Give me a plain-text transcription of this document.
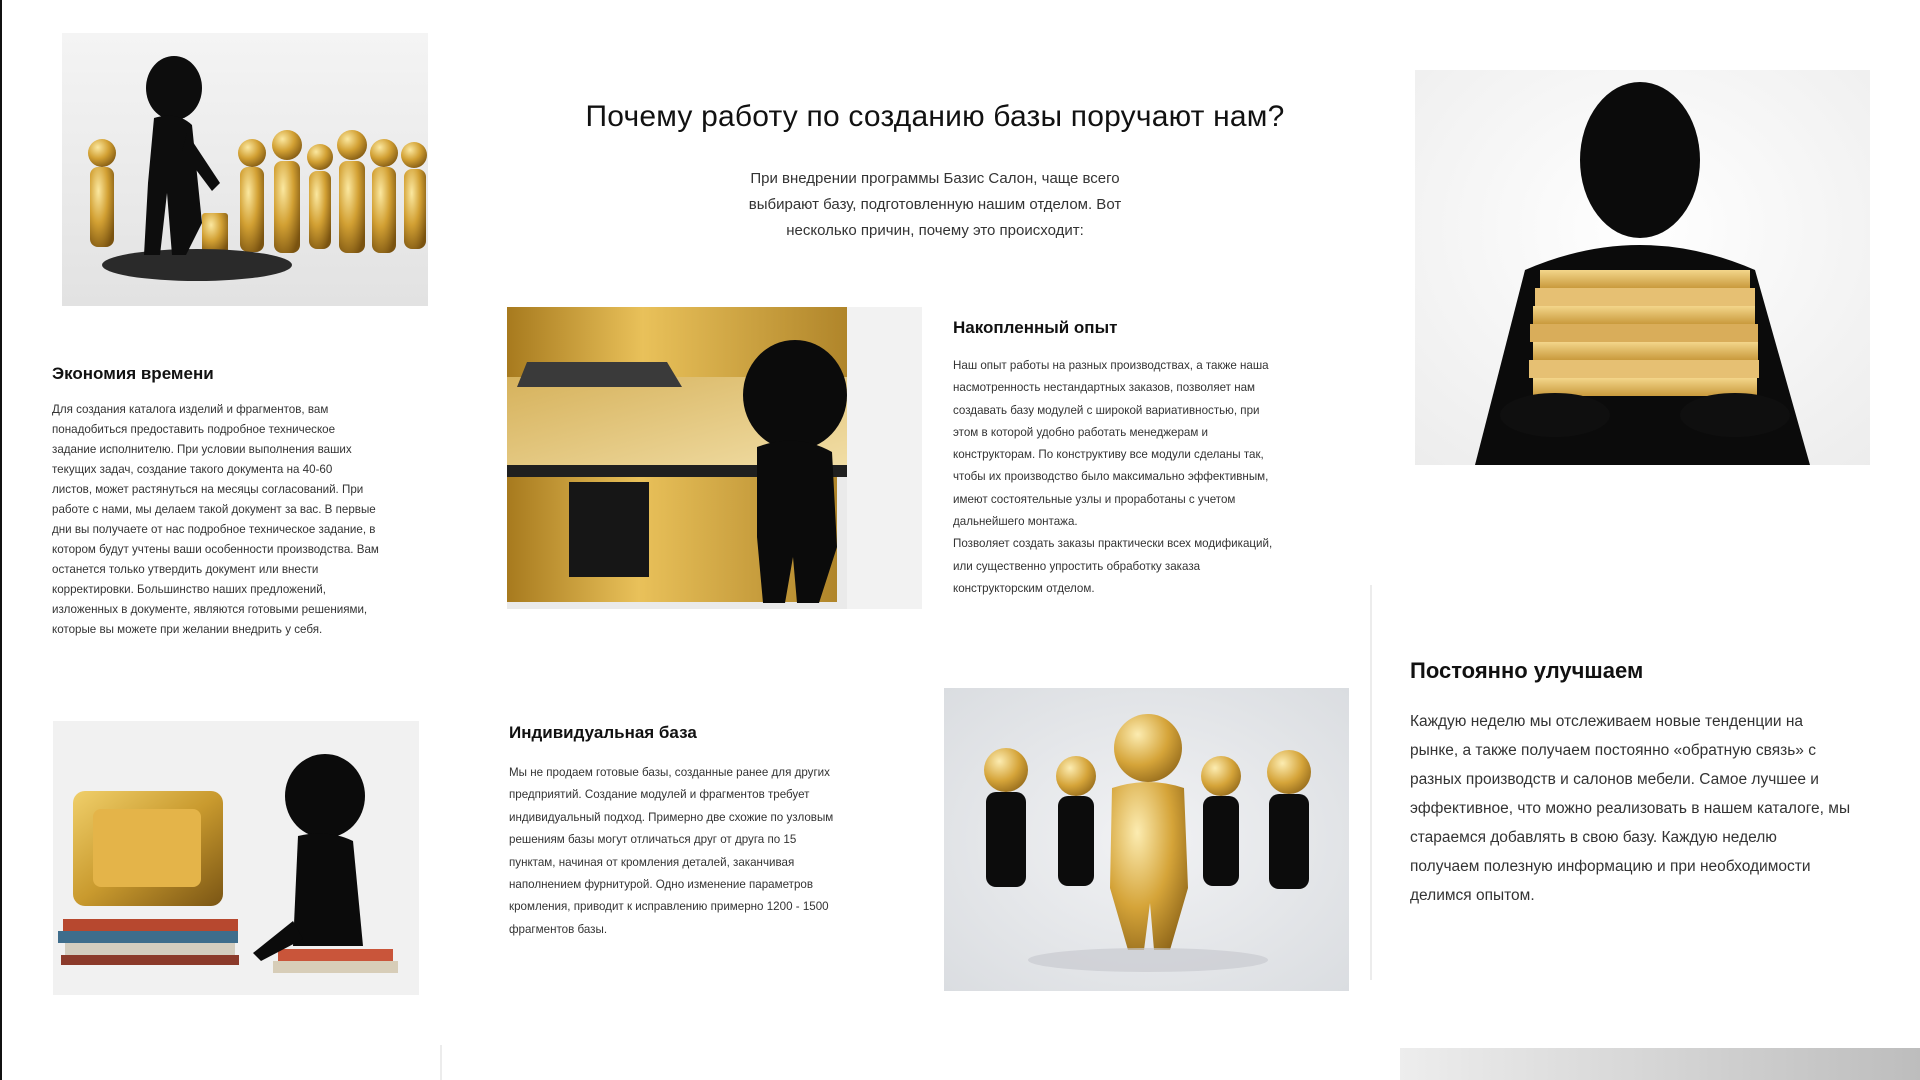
Почему работу по созданию базы поручают нам?
При внедрении программы Базис Салон, чаще всего выбирают базу, подготовленную нашим отделом. Вот несколько причин, почему это происходит:
Экономия времени
Для создания каталога изделий и фрагментов, вам
понадобиться предоставить подробное техническое
задание исполнителю. При условии выполнения ваших
текущих задач, создание такого документа на 40-60
листов, может растянуться на месяцы согласований. При
работе с нами, мы делаем такой документ за вас. В первые
дни вы получаете от нас подробное техническое задание, в
котором будут учтены ваши особенности производства. Вам
останется только утвердить документ или внести
корректировки. Большинство наших предложений,
изложенных в документе, являются готовыми решениями,
которые вы можете при желании внедрить у себя.
Накопленный опыт
Наш опыт работы на разных производствах, а также наша
насмотренность нестандартных заказов, позволяет нам
создавать базу модулей с широкой вариативностью, при
этом в которой удобно работать менеджерам и
конструкторам. По конструктиву все модули сделаны так,
чтобы их производство было максимально эффективным,
имеют состоятельные узлы и проработаны с учетом
дальнейшего монтажа.
Позволяет создать заказы практически всех модификаций,
или существенно упростить обработку заказа
конструкторским отделом.
Постоянно улучшаем
Каждую неделю мы отслеживаем новые тенденции на
рынке, а также получаем постоянно «обратную связь» с
разных производств и салонов мебели. Самое лучшее и
эффективное, что можно реализовать в нашем каталоге, мы
стараемся добавлять в свою базу. Каждую неделю
получаем полезную информацию и при необходимости
делимся опытом.
Индивидуальная база
Мы не продаем готовые базы, созданные ранее для других
предприятий. Создание модулей и фрагментов требует
индивидуальный подход. Примерно две схожие по узловым
решениям базы могут отличаться друг от друга по 15
пунктам, начиная от кромления деталей, заканчивая
наполнением фурнитурой. Одно изменение параметров
кромления, приводит к исправлению примерно 1200 - 1500
фрагментов базы.
